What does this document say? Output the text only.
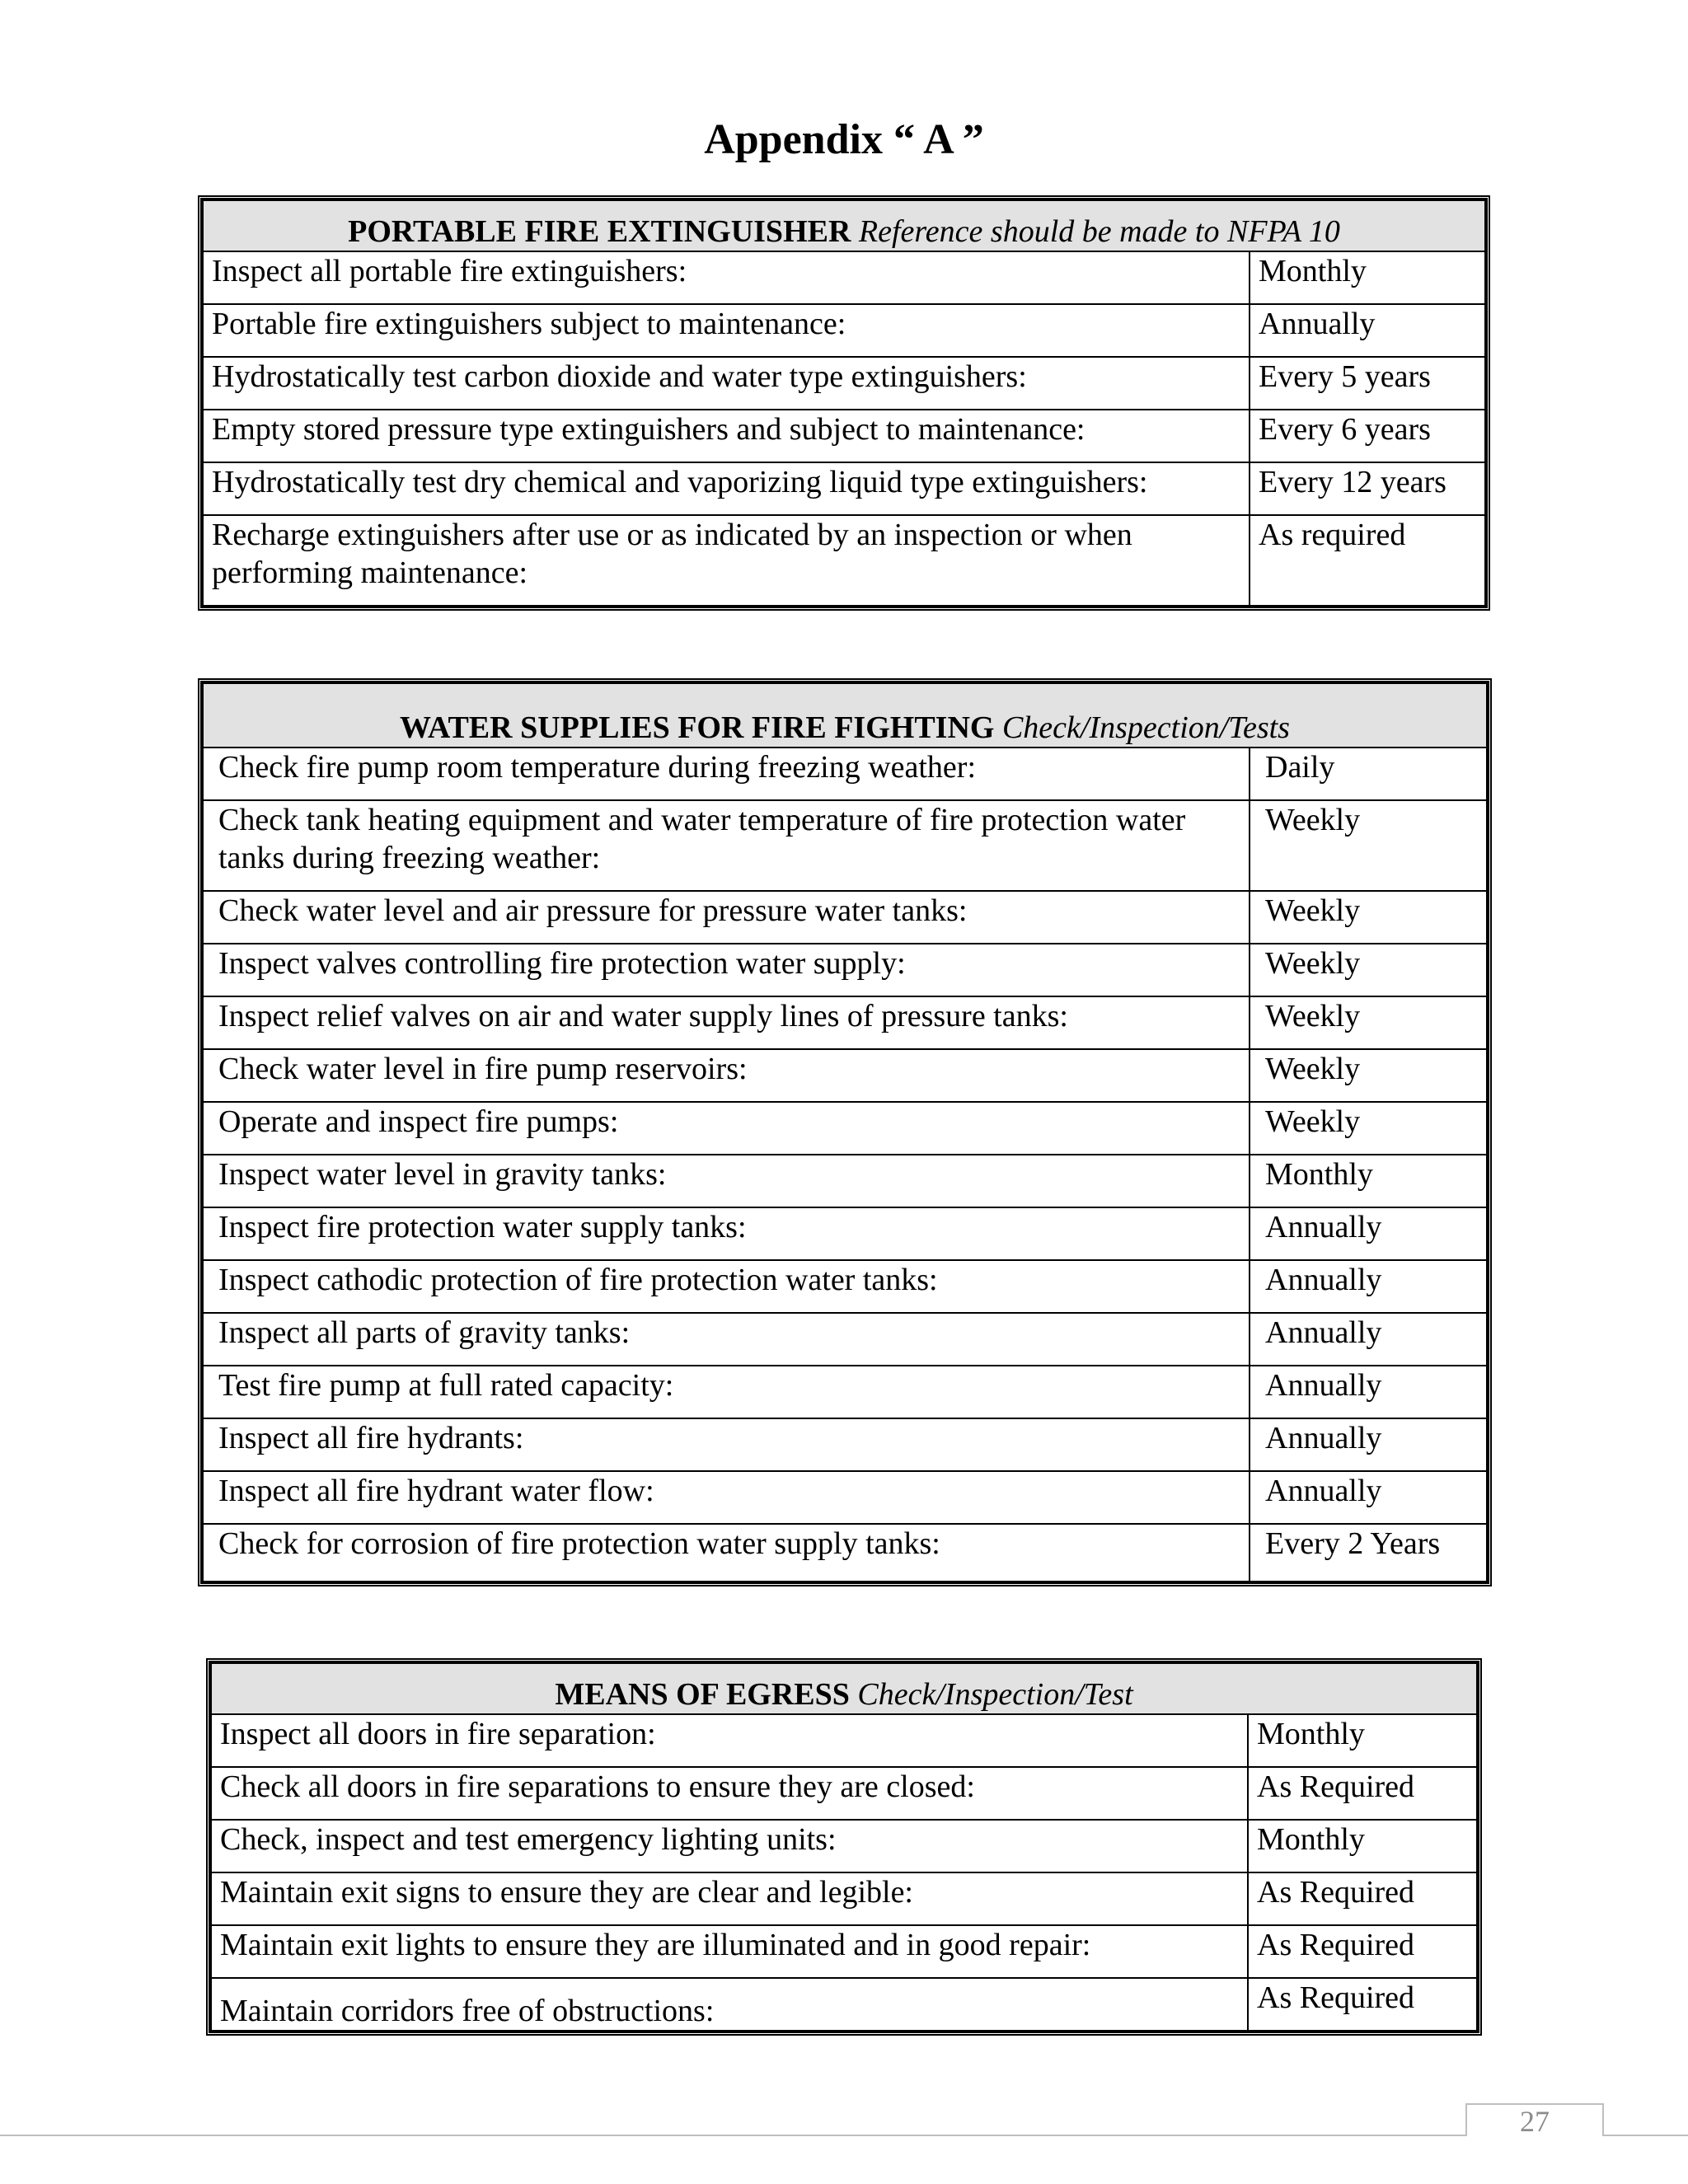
Appendix “ A ”
PORTABLE FIRE EXTINGUISHER Reference should be made to NFPA 10	
Inspect all portable fire extinguishers:	Monthly
Portable fire extinguishers subject to maintenance:	Annually
Hydrostatically test carbon dioxide and water type extinguishers:	Every 5 years
Empty stored pressure type extinguishers and subject to maintenance:	Every 6 years
Hydrostatically test dry chemical and vaporizing liquid type extinguishers:	Every 12 years
Recharge extinguishers after use or as indicated by an inspection or when performing maintenance:	As required
WATER SUPPLIES FOR FIRE FIGHTING Check/Inspection/Tests	
Check fire pump room temperature during freezing weather:	Daily
Check tank heating equipment and water temperature of fire protection water tanks during freezing weather:	Weekly
Check water level and air pressure for pressure water tanks:	Weekly
Inspect valves controlling fire protection water supply:	Weekly
Inspect relief valves on air and water supply lines of pressure tanks:	Weekly
Check water level in fire pump reservoirs:	Weekly
Operate and inspect fire pumps:	Weekly
Inspect water level in gravity tanks:	Monthly
Inspect fire protection water supply tanks:	Annually
Inspect cathodic protection of fire protection water tanks:	Annually
Inspect all parts of gravity tanks:	Annually
Test fire pump at full rated capacity:	Annually
Inspect all fire hydrants:	Annually
Inspect all fire hydrant water flow:	Annually
Check for corrosion of fire protection water supply tanks:	Every 2 Years
MEANS OF EGRESS Check/Inspection/Test	
Inspect all doors in fire separation:	Monthly
Check all doors in fire separations to ensure they are closed:	As Required
Check, inspect and test emergency lighting units:	Monthly
Maintain exit signs to ensure they are clear and legible:	As Required
Maintain exit lights to ensure they are illuminated and in good repair:	As Required
Maintain corridors free of obstructions:	As Required
27
